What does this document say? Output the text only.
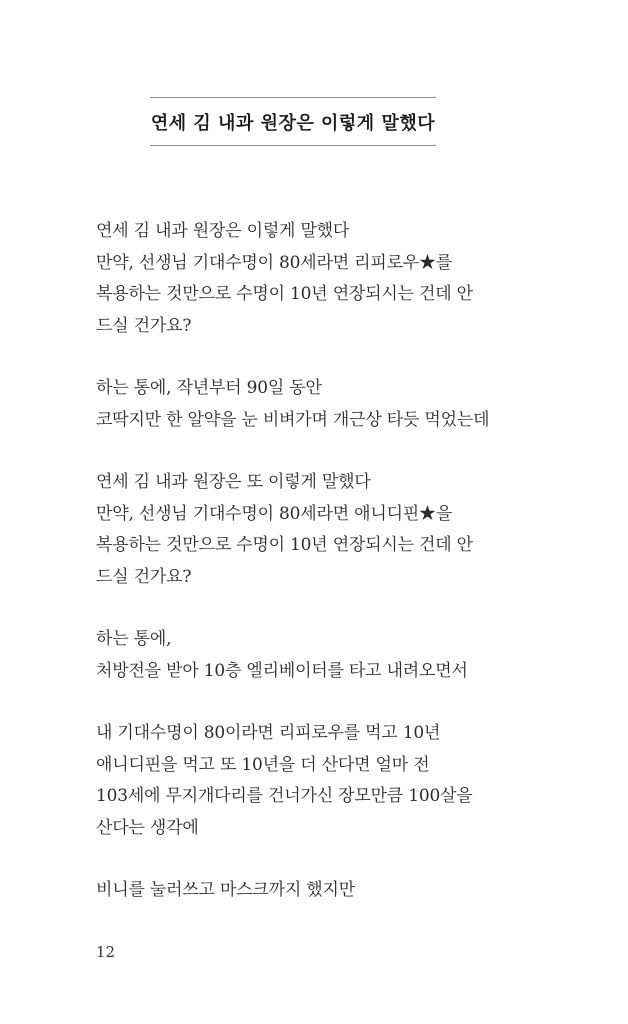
연세 김 내과 원장은 이렇게 말했다
연세 김 내과 원장은 이렇게 말했다
만약, 선생님 기대수명이 80세라면 리피로우★를
복용하는 것만으로 수명이 10년 연장되시는 건데 안
드실 건가요?
하는 통에, 작년부터 90일 동안
코딱지만 한 알약을 눈 비벼가며 개근상 타듯 먹었는데
연세 김 내과 원장은 또 이렇게 말했다
만약, 선생님 기대수명이 80세라면 애니디핀★을
복용하는 것만으로 수명이 10년 연장되시는 건데 안
드실 건가요?
하는 통에,
처방전을 받아 10층 엘리베이터를 타고 내려오면서
내 기대수명이 80이라면 리피로우를 먹고 10년
애니디핀을 먹고 또 10년을 더 산다면 얼마 전
103세에 무지개다리를 건너가신 장모만큼 100살을
산다는 생각에
비니를 눌러쓰고 마스크까지 했지만
12
